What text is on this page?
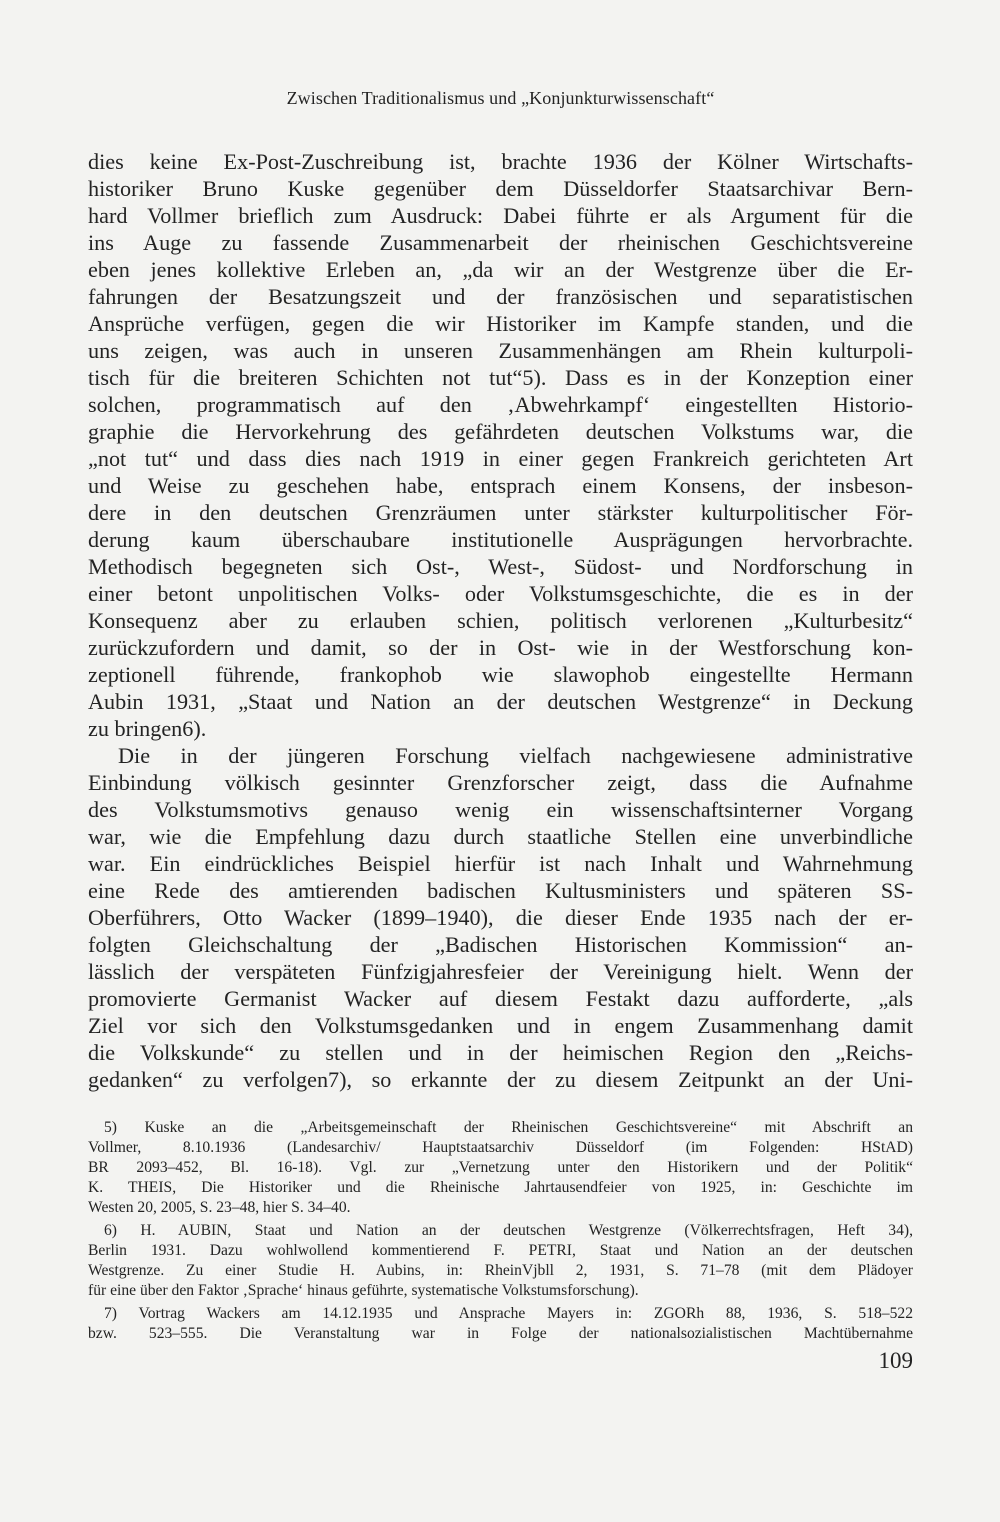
Zwischen Traditionalismus und „Konjunkturwissenschaft“
dies keine Ex-Post-Zuschreibung ist, brachte 1936 der Kölner Wirtschafts-
historiker Bruno Kuske gegenüber dem Düsseldorfer Staatsarchivar Bern-
hard Vollmer brieflich zum Ausdruck: Dabei führte er als Argument für die
ins Auge zu fassende Zusammenarbeit der rheinischen Geschichtsvereine
eben jenes kollektive Erleben an, „da wir an der Westgrenze über die Er-
fahrungen der Besatzungszeit und der französischen und separatistischen
Ansprüche verfügen, gegen die wir Historiker im Kampfe standen, und die
uns zeigen, was auch in unseren Zusammenhängen am Rhein kulturpoli-
tisch für die breiteren Schichten not tut“5). Dass es in der Konzeption einer
solchen, programmatisch auf den ‚Abwehrkampf‘ eingestellten Historio-
graphie die Hervorkehrung des gefährdeten deutschen Volkstums war, die
„not tut“ und dass dies nach 1919 in einer gegen Frankreich gerichteten Art
und Weise zu geschehen habe, entsprach einem Konsens, der insbeson-
dere in den deutschen Grenzräumen unter stärkster kulturpolitischer För-
derung kaum überschaubare institutionelle Ausprägungen hervorbrachte.
Methodisch begegneten sich Ost-, West-, Südost- und Nordforschung in
einer betont unpolitischen Volks- oder Volkstumsgeschichte, die es in der
Konsequenz aber zu erlauben schien, politisch verlorenen „Kulturbesitz“
zurückzufordern und damit, so der in Ost- wie in der Westforschung kon-
zeptionell führende, frankophob wie slawophob eingestellte Hermann
Aubin 1931, „Staat und Nation an der deutschen Westgrenze“ in Deckung
zu bringen6).
Die in der jüngeren Forschung vielfach nachgewiesene administrative
Einbindung völkisch gesinnter Grenzforscher zeigt, dass die Aufnahme
des Volkstumsmotivs genauso wenig ein wissenschaftsinterner Vorgang
war, wie die Empfehlung dazu durch staatliche Stellen eine unverbindliche
war. Ein eindrückliches Beispiel hierfür ist nach Inhalt und Wahrnehmung
eine Rede des amtierenden badischen Kultusministers und späteren SS-
Oberführers, Otto Wacker (1899–1940), die dieser Ende 1935 nach der er-
folgten Gleichschaltung der „Badischen Historischen Kommission“ an-
lässlich der verspäteten Fünfzigjahresfeier der Vereinigung hielt. Wenn der
promovierte Germanist Wacker auf diesem Festakt dazu aufforderte, „als
Ziel vor sich den Volkstumsgedanken und in engem Zusammenhang damit
die Volkskunde“ zu stellen und in der heimischen Region den „Reichs-
gedanken“ zu verfolgen7), so erkannte der zu diesem Zeitpunkt an der Uni-
5) Kuske an die „Arbeitsgemeinschaft der Rheinischen Geschichtsvereine“ mit Abschrift an
Vollmer, 8.10.1936 (Landesarchiv/ Hauptstaatsarchiv Düsseldorf (im Folgenden: HStAD)
BR 2093–452, Bl. 16-18). Vgl. zur „Vernetzung unter den Historikern und der Politik“
K. THEIS, Die Historiker und die Rheinische Jahrtausendfeier von 1925, in: Geschichte im
Westen 20, 2005, S. 23–48, hier S. 34–40.
6) H. AUBIN, Staat und Nation an der deutschen Westgrenze (Völkerrechtsfragen, Heft 34),
Berlin 1931. Dazu wohlwollend kommentierend F. PETRI, Staat und Nation an der deutschen
Westgrenze. Zu einer Studie H. Aubins, in: RheinVjbll 2, 1931, S. 71–78 (mit dem Plädoyer
für eine über den Faktor ‚Sprache‘ hinaus geführte, systematische Volkstumsforschung).
7) Vortrag Wackers am 14.12.1935 und Ansprache Mayers in: ZGORh 88, 1936, S. 518–522
bzw. 523–555. Die Veranstaltung war in Folge der nationalsozialistischen Machtübernahme
109
